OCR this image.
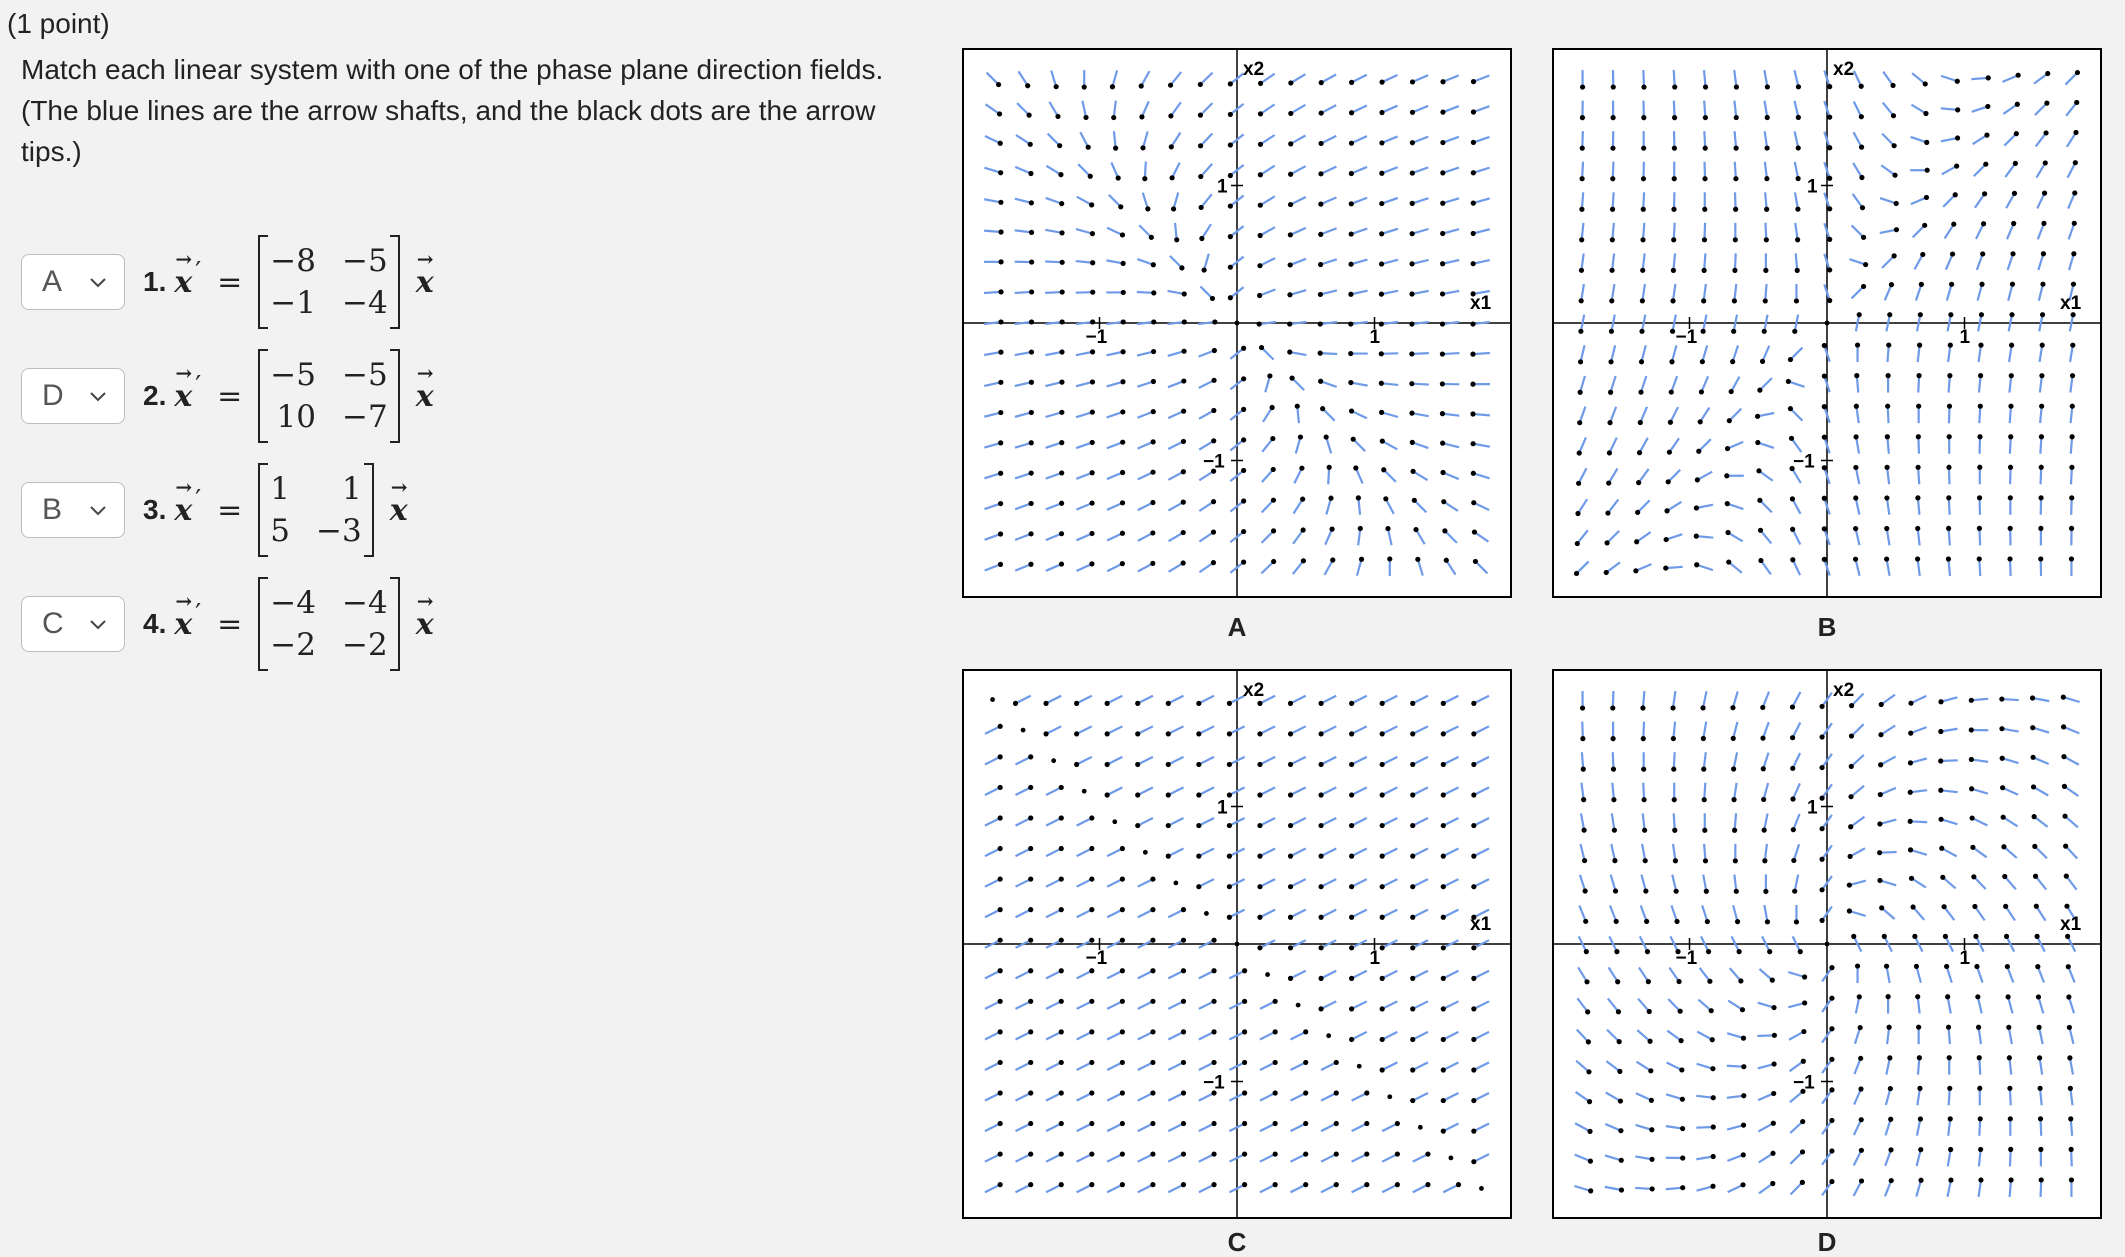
(1 point)
Match each linear system with one of the phase plane direction fields.
(The blue lines are the arrow shafts, and the black dots are the arrow tips.)
A	1. x
→ ′ =
−8 −5
−1 −4
x
→
D	2. x
→ ′ =
−5 −5
10 −7
x
→
B	3. x
→ ′ =
1	1
5 −3
x
→
C	4. x
→ ′ =
−4 −4
−2 −2
x
→
x2
x1
1
−1
1
−1
A
x2
x1
1
−1
1
−1
B
x2
x1
1
−1
1
−1
C
x2
x1
1
−1
1
−1
D
